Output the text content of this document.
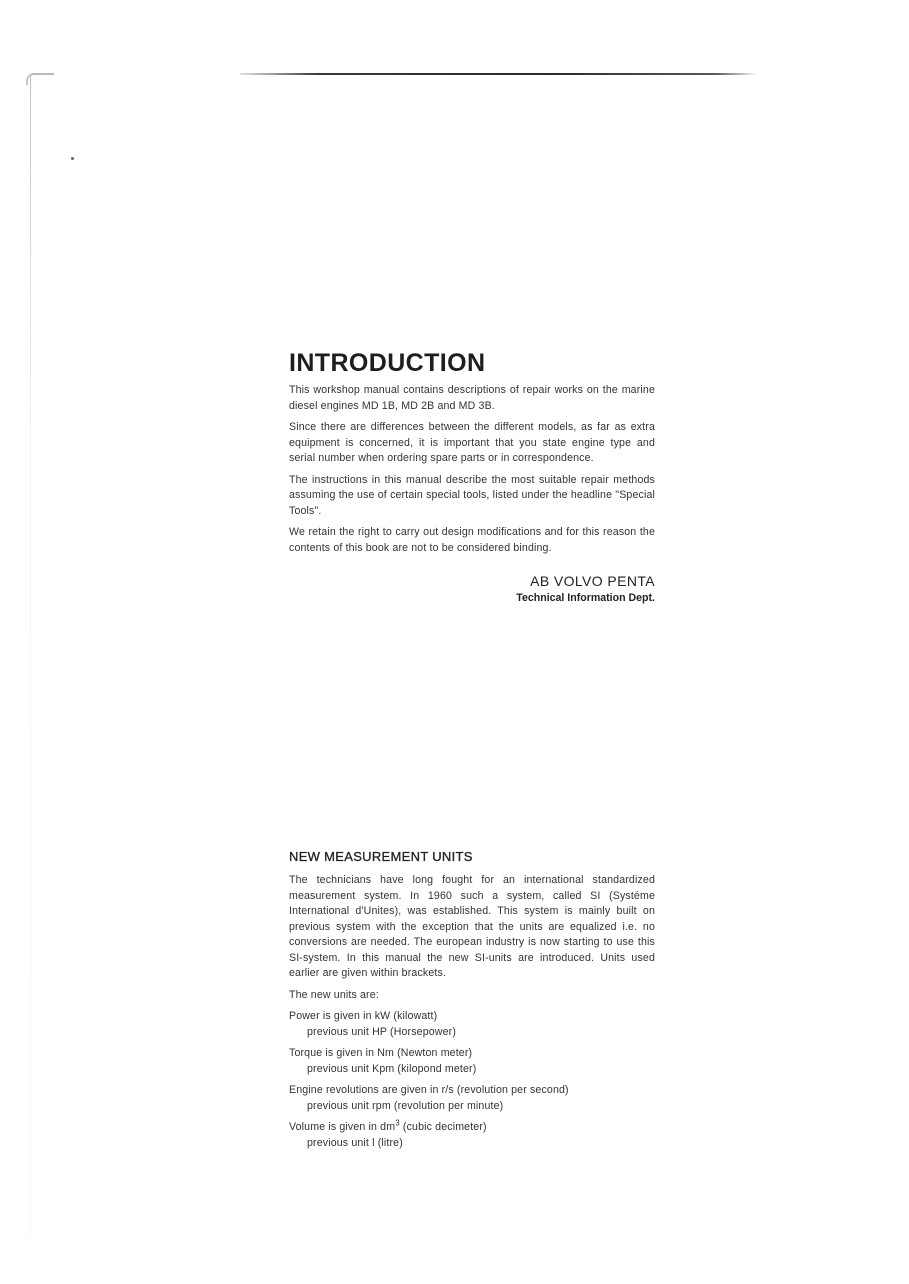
INTRODUCTION

This workshop manual contains descriptions of repair works on the marine diesel engines MD 1B, MD 2B and MD 3B.

Since there are differences between the different models, as far as extra equipment is concerned, it is important that you state engine type and serial number when ordering spare parts or in correspondence.

The instructions in this manual describe the most suitable repair methods assuming the use of certain special tools, listed under the headline "Special Tools".

We retain the right to carry out design modifications and for this reason the contents of this book are not to be considered binding.

AB VOLVO PENTA
Technical Information Dept.
NEW MEASUREMENT UNITS

The technicians have long fought for an international standardized measurement system. In 1960 such a system, called SI (Systéme International d'Unites), was established. This system is mainly built on previous system with the exception that the units are equalized i.e. no conversions are needed. The european industry is now starting to use this SI-system. In this manual the new SI-units are introduced. Units used earlier are given within brackets.

The new units are:

Power is given in kW (kilowatt)
previous unit HP (Horsepower)
Torque is given in Nm (Newton meter)
previous unit Kpm (kilopond meter)
Engine revolutions are given in r/s (revolution per second)
previous unit rpm (revolution per minute)
Volume is given in $dm^3$ (cubic decimeter)
previous unit l (litre)
